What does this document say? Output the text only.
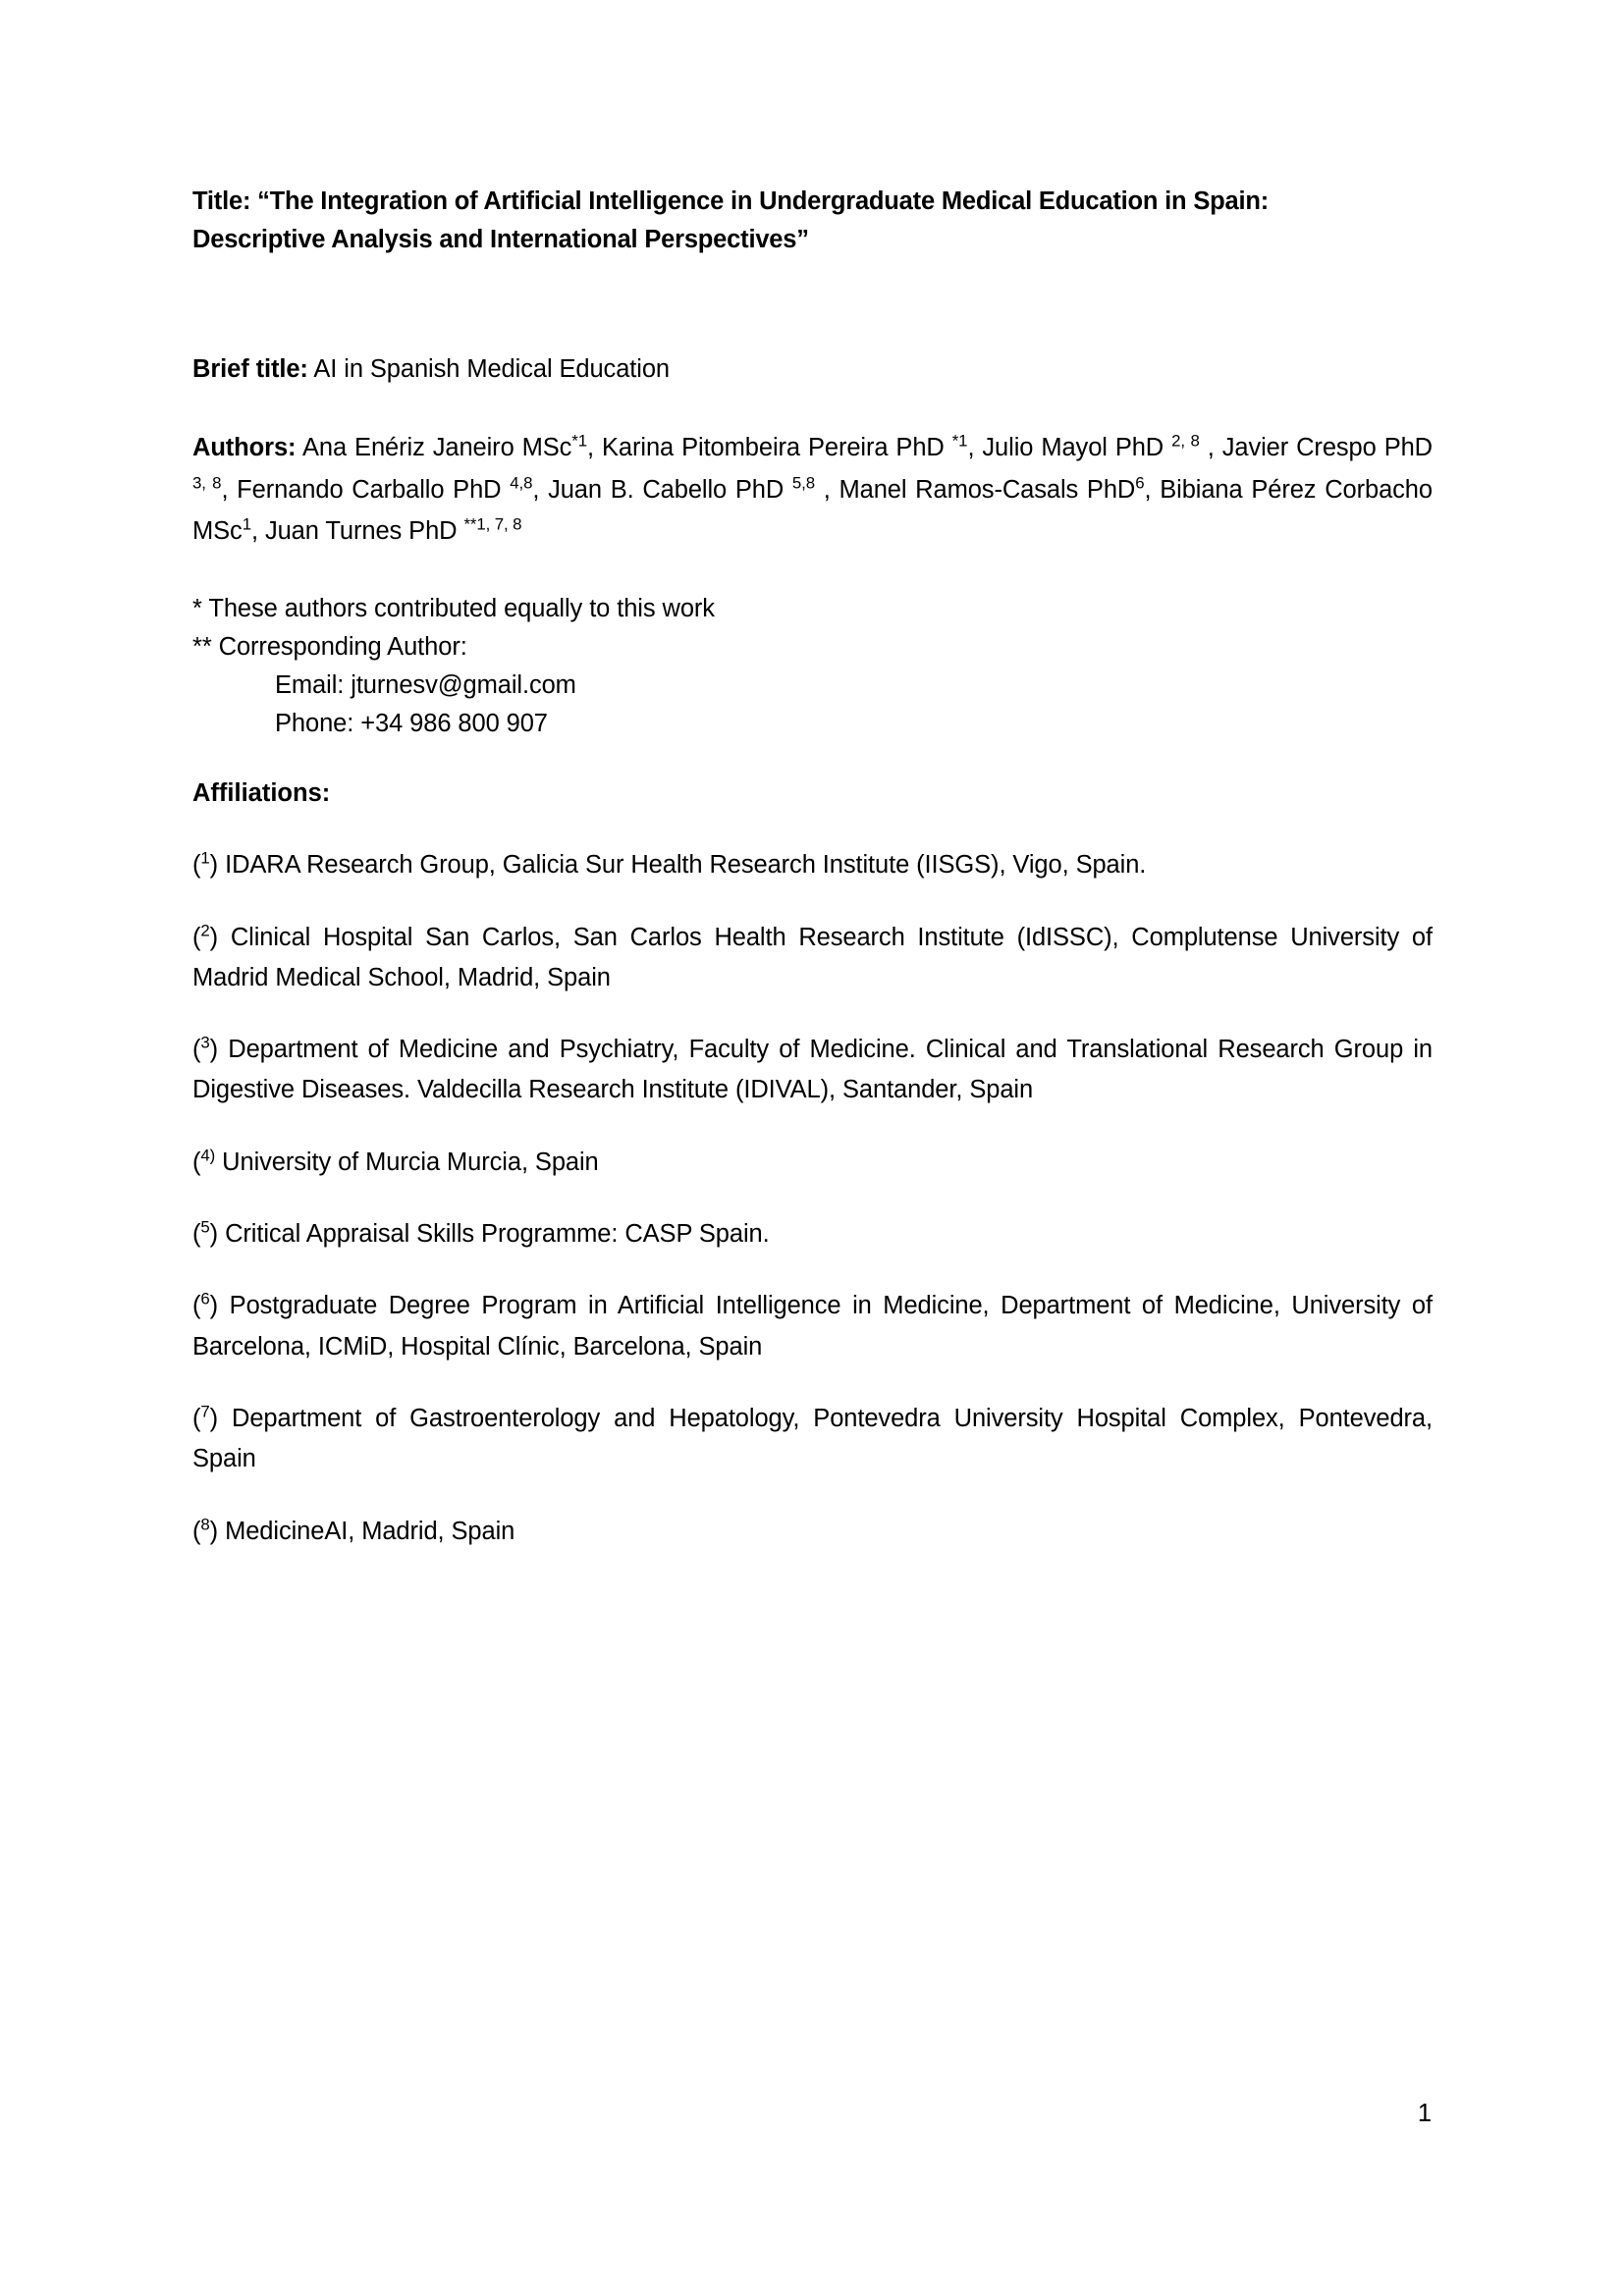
Title: “The Integration of Artificial Intelligence in Undergraduate Medical Education in Spain: Descriptive Analysis and International Perspectives”
Brief title: AI in Spanish Medical Education
Authors: Ana Enériz Janeiro MSc$^{*1}$, Karina Pitombeira Pereira PhD $^{*1}$, Julio Mayol PhD $^{2, 8}$ , Javier Crespo PhD $^{3, 8}$, Fernando Carballo PhD $^{4,8}$, Juan B. Cabello PhD $^{5,8}$ , Manel Ramos-Casals PhD$^6$, Bibiana Pérez Corbacho MSc$^1$, Juan Turnes PhD $^{**1, 7, 8}$
* These authors contributed equally to this work
** Corresponding Author:
Email: jturnesv@gmail.com
Phone: +34 986 800 907
Affiliations:
($^1$) IDARA Research Group, Galicia Sur Health Research Institute (IISGS), Vigo, Spain.
($^2$) Clinical Hospital San Carlos, San Carlos Health Research Institute (IdISSC), Complutense University of Madrid Medical School, Madrid, Spain
($^3$) Department of Medicine and Psychiatry, Faculty of Medicine. Clinical and Translational Research Group in Digestive Diseases. Valdecilla Research Institute (IDIVAL), Santander, Spain
($^{4)}$ University of Murcia Murcia, Spain
($^5$) Critical Appraisal Skills Programme: CASP Spain.
($^6$) Postgraduate Degree Program in Artificial Intelligence in Medicine, Department of Medicine, University of Barcelona, ICMiD, Hospital Clínic, Barcelona, Spain
($^7$) Department of Gastroenterology and Hepatology, Pontevedra University Hospital Complex, Pontevedra, Spain
($^8$) MedicineAI, Madrid, Spain
1
